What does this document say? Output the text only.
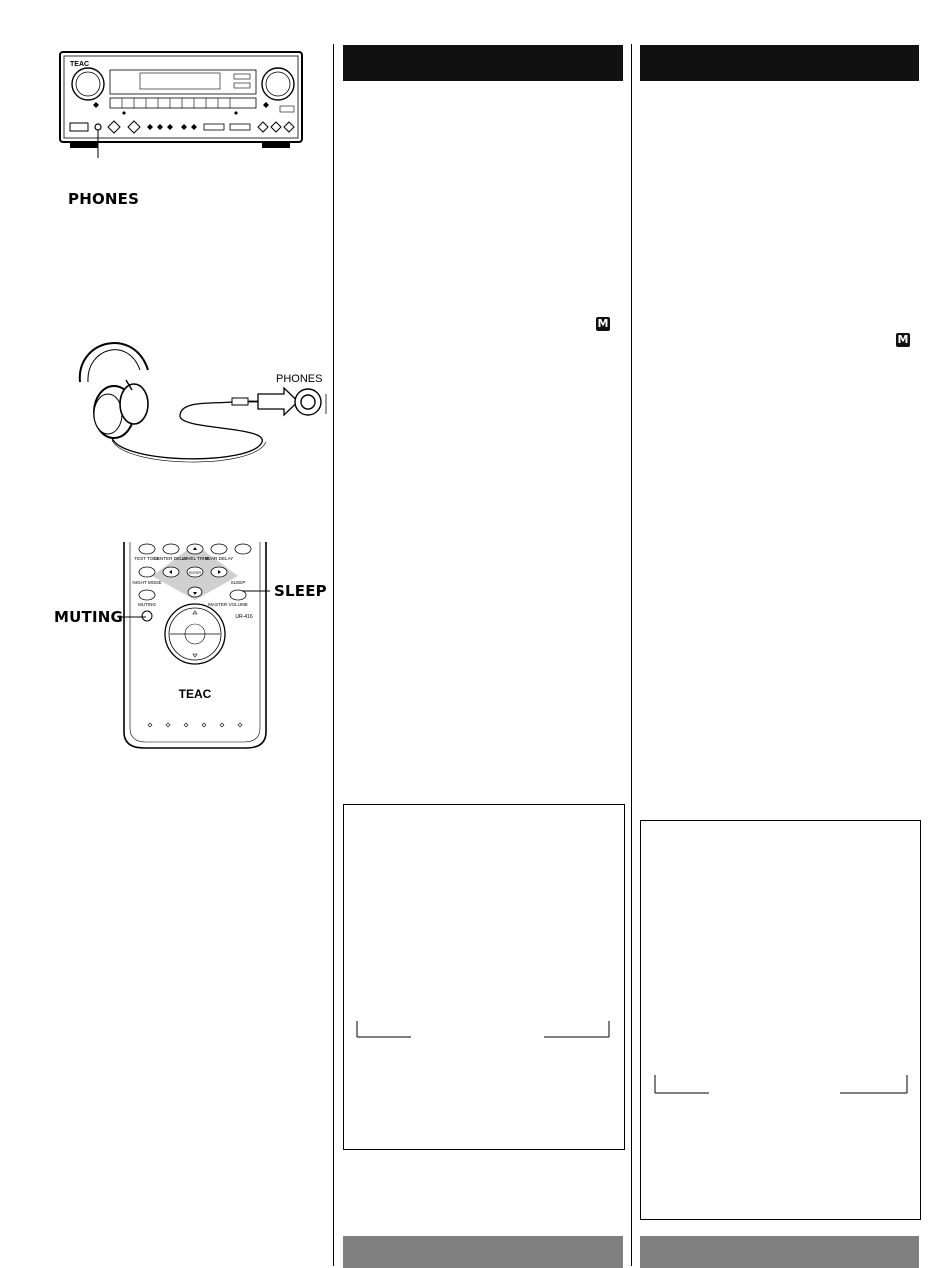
TEAC
PHONES
PHONES
TEST TONE
CENTER DELAY
LEVEL TRIM
REAR DELAY
ENTER
NIGHT MODE	SLEEP
MUTING	MASTER VOLUME
UR-416
TEAC
MUTING
SLEEP
M
M
